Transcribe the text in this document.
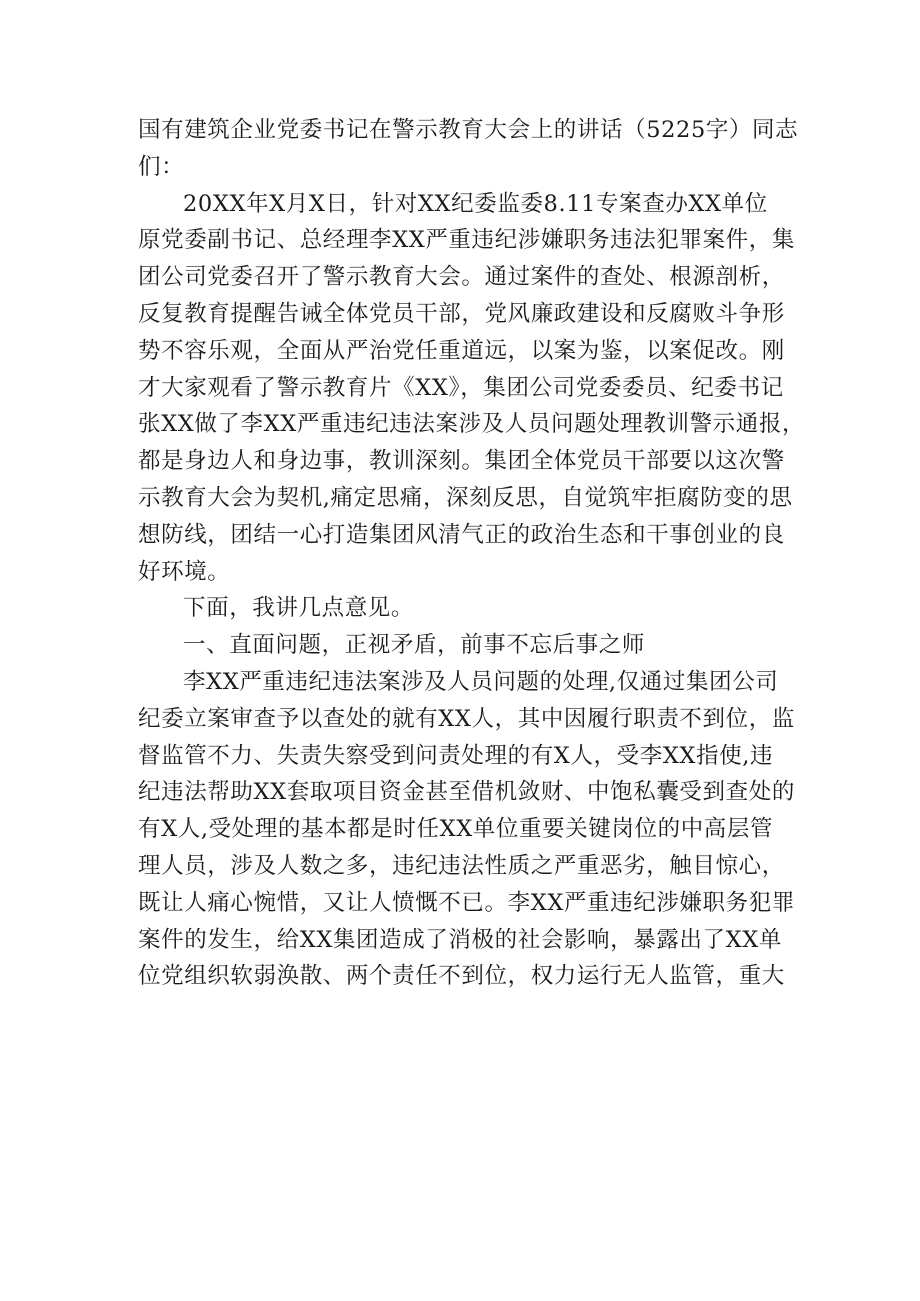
国有建筑企业党委书记在警示教育大会上的讲话（5225字）同志
们：
20XX年X月X日，针对XX纪委监委8.11专案查办XX单位
原党委副书记、总经理李XX严重违纪涉嫌职务违法犯罪案件，集
团公司党委召开了警示教育大会。通过案件的查处、根源剖析，
反复教育提醒告诫全体党员干部，党风廉政建设和反腐败斗争形
势不容乐观，全面从严治党任重道远，以案为鉴，以案促改。刚
才大家观看了警示教育片《XX》，集团公司党委委员、纪委书记
张XX做了李XX严重违纪违法案涉及人员问题处理教训警示通报，
都是身边人和身边事，教训深刻。集团全体党员干部要以这次警
示教育大会为契机,痛定思痛，深刻反思，自觉筑牢拒腐防变的思
想防线，团结一心打造集团风清气正的政治生态和干事创业的良
好环境。
下面，我讲几点意见。
一、直面问题，正视矛盾，前事不忘后事之师
李XX严重违纪违法案涉及人员问题的处理,仅通过集团公司
纪委立案审查予以查处的就有XX人，其中因履行职责不到位，监
督监管不力、失责失察受到问责处理的有X人，受李XX指使,违
纪违法帮助XX套取项目资金甚至借机敛财、中饱私囊受到查处的
有X人,受处理的基本都是时任XX单位重要关键岗位的中高层管
理人员，涉及人数之多，违纪违法性质之严重恶劣，触目惊心，
既让人痛心惋惜，又让人愤慨不已。李XX严重违纪涉嫌职务犯罪
案件的发生，给XX集团造成了消极的社会影响，暴露出了XX单
位党组织软弱涣散、两个责任不到位，权力运行无人监管，重大
